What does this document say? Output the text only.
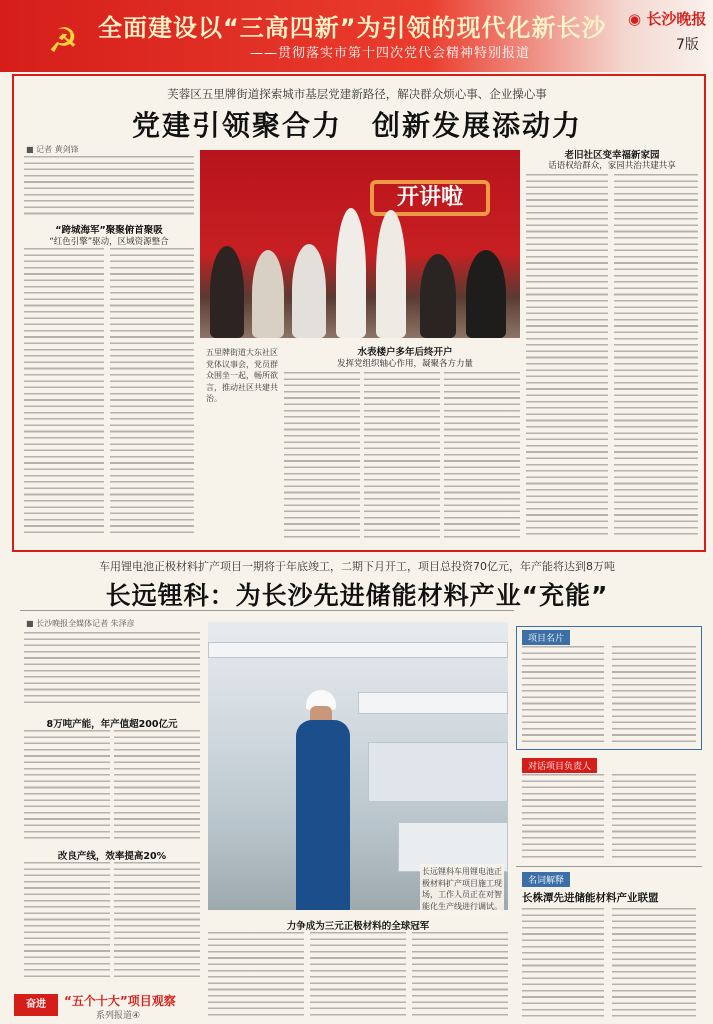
☭ 全面建设以“三高四新”为引领的现代化新长沙
——贯彻落实市第十四次党代会精神特别报道
◉ 长沙晚报
7版
芙蓉区五里牌街道探索城市基层党建新路径，解决群众烦心事、企业操心事
党建引领聚合力　创新发展添动力
■ 记者 黄剑锋
“跨城海军”聚聚俯首聚吸
“红色引擎”驱动，区域资源整合
开讲啦
五里牌街道大东社区党体议事会，党员群众围坐一起，畅所欲言，推动社区共建共治。
水表楼户多年后终开户
发挥党组织轴心作用，凝聚各方力量
老旧社区变幸福新家园
话语权给群众，家园共治共建共享
车用锂电池正极材料扩产项目一期将于年底竣工，二期下月开工，项目总投资70亿元，年产能将达到8万吨
长远锂科：为长沙先进储能材料产业“充能”
■ 长沙晚报全媒体记者 朱泽彦
8万吨产能，年产值超200亿元
改良产线，效率提高20%
力争成为三元正极材料的全球冠军
项目名片
对话项目负责人
名词解释
长株潭先进储能材料产业联盟
奋进	“五个十大”项目观察
系列报道④
长远锂科车用锂电池正极材料扩产项目施工现场，工作人员正在对智能化生产线进行调试。
